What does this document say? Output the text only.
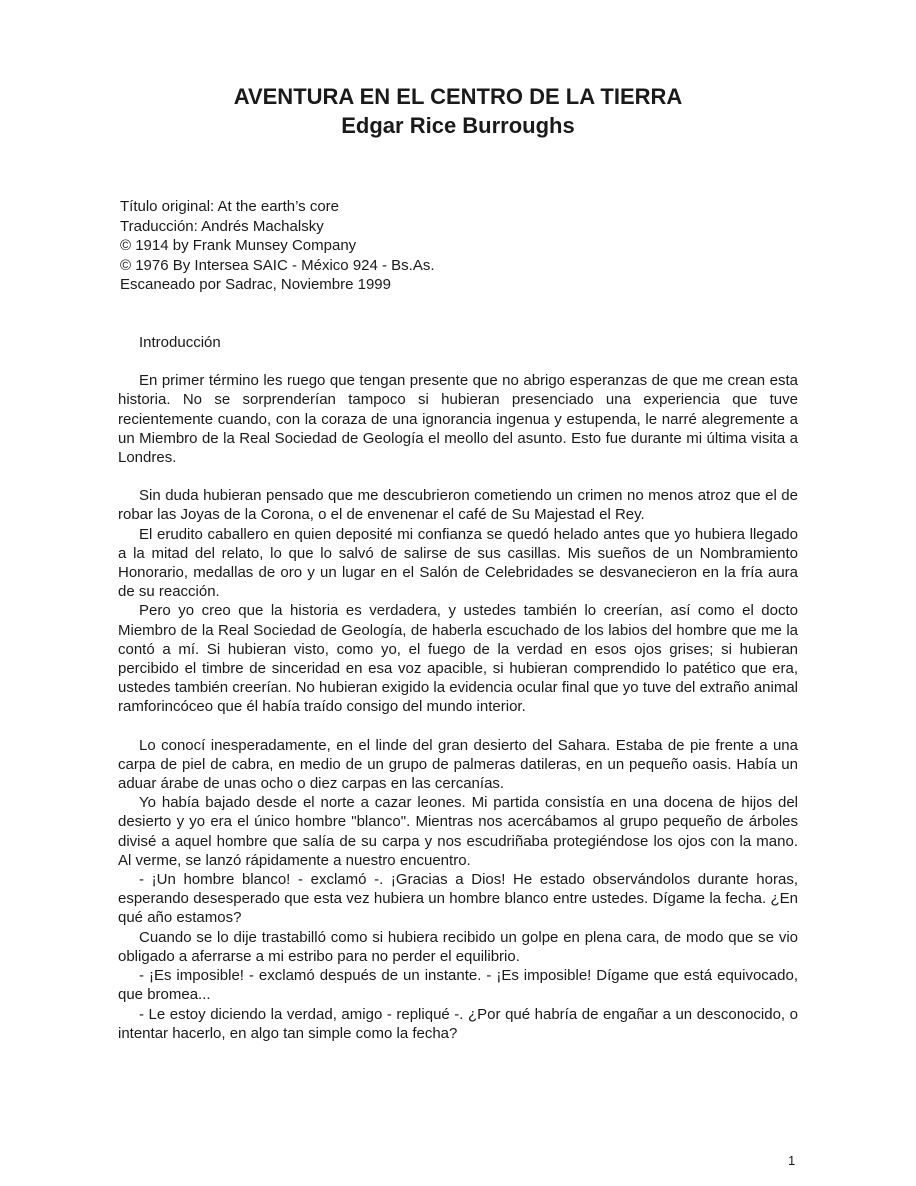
AVENTURA EN EL CENTRO DE LA TIERRA
Edgar Rice Burroughs

Título original: At the earth’s core

Traducción: Andrés Machalsky

© 1914 by Frank Munsey Company

© 1976 By Intersea SAIC - México 924 - Bs.As.

Escaneado por Sadrac, Noviembre 1999

Introducción

En primer término les ruego que tengan presente que no abrigo esperanzas de que me crean esta historia. No se sorprenderían tampoco si hubieran presenciado una experiencia que tuve recientemente cuando, con la coraza de una ignorancia ingenua y estupenda, le narré alegremente a un Miembro de la Real Sociedad de Geología el meollo del asunto. Esto fue durante mi última visita a Londres.

Sin duda hubieran pensado que me descubrieron cometiendo un crimen no menos atroz que el de robar las Joyas de la Corona, o el de envenenar el café de Su Majestad el Rey.

El erudito caballero en quien deposité mi confianza se quedó helado antes que yo hubiera llegado a la mitad del relato, lo que lo salvó de salirse de sus casillas. Mis sueños de un Nombramiento Honorario, medallas de oro y un lugar en el Salón de Celebridades se desvanecieron en la fría aura de su reacción.

Pero yo creo que la historia es verdadera, y ustedes también lo creerían, así como el docto Miembro de la Real Sociedad de Geología, de haberla escuchado de los labios del hombre que me la contó a mí. Si hubieran visto, como yo, el fuego de la verdad en esos ojos grises; si hubieran percibido el timbre de sinceridad en esa voz apacible, si hubieran comprendido lo patético que era, ustedes también creerían. No hubieran exigido la evidencia ocular final que yo tuve del extraño animal ramforincóceo que él había traído consigo del mundo interior.

Lo conocí inesperadamente, en el linde del gran desierto del Sahara. Estaba de pie frente a una carpa de piel de cabra, en medio de un grupo de palmeras datileras, en un pequeño oasis. Había un aduar árabe de unas ocho o diez carpas en las cercanías.

Yo había bajado desde el norte a cazar leones. Mi partida consistía en una docena de hijos del desierto y yo era el único hombre "blanco". Mientras nos acercábamos al grupo pequeño de árboles divisé a aquel hombre que salía de su carpa y nos escudriñaba protegiéndose los ojos con la mano. Al verme, se lanzó rápidamente a nuestro encuentro.

- ¡Un hombre blanco! - exclamó -. ¡Gracias a Dios! He estado observándolos durante horas, esperando desesperado que esta vez hubiera un hombre blanco entre ustedes. Dígame la fecha. ¿En qué año estamos?

Cuando se lo dije trastabilló como si hubiera recibido un golpe en plena cara, de modo que se vio obligado a aferrarse a mi estribo para no perder el equilibrio.

- ¡Es imposible! - exclamó después de un instante. - ¡Es imposible! Dígame que está equivocado, que bromea...

- Le estoy diciendo la verdad, amigo - repliqué -. ¿Por qué habría de engañar a un desconocido, o intentar hacerlo, en algo tan simple como la fecha?

1
